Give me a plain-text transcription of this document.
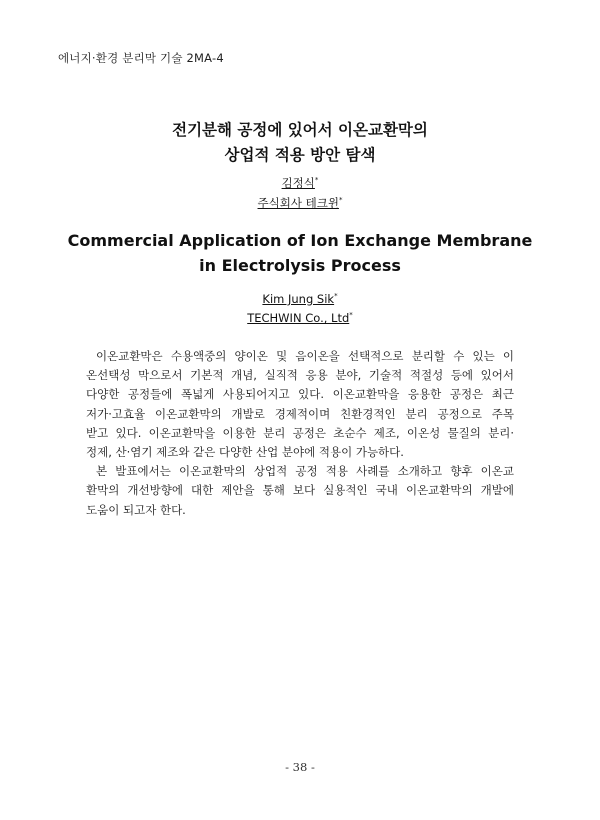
에너지·환경 분리막 기술 2MA-4
전기분해 공정에 있어서 이온교환막의
상업적 적용 방안 탐색
김정식*
주식회사 테크윈*
Commercial Application of Ion Exchange Membrane
in Electrolysis Process
Kim Jung Sik*
TECHWIN Co., Ltd*
이온교환막은 수용액중의 양이온 및 음이온을 선택적으로 분리할 수 있는 이
온선택성 막으로서 기본적 개념, 실직적 응용 분야, 기술적 적절성 등에 있어서
다양한 공정들에 폭넓게 사용되어지고 있다. 이온교환막을 응용한 공정은 최근
저가·고효율 이온교환막의 개발로 경제적이며 친환경적인 분리 공정으로 주목
받고 있다. 이온교환막을 이용한 분리 공정은 초순수 제조, 이온성 물질의 분리·
정제, 산·염기 제조와 같은 다양한 산업 분야에 적용이 가능하다.
본 발표에서는 이온교환막의 상업적 공정 적용 사례를 소개하고 향후 이온교
환막의 개선방향에 대한 제안을 통해 보다 실용적인 국내 이온교환막의 개발에
도움이 되고자 한다.
- 38 -
